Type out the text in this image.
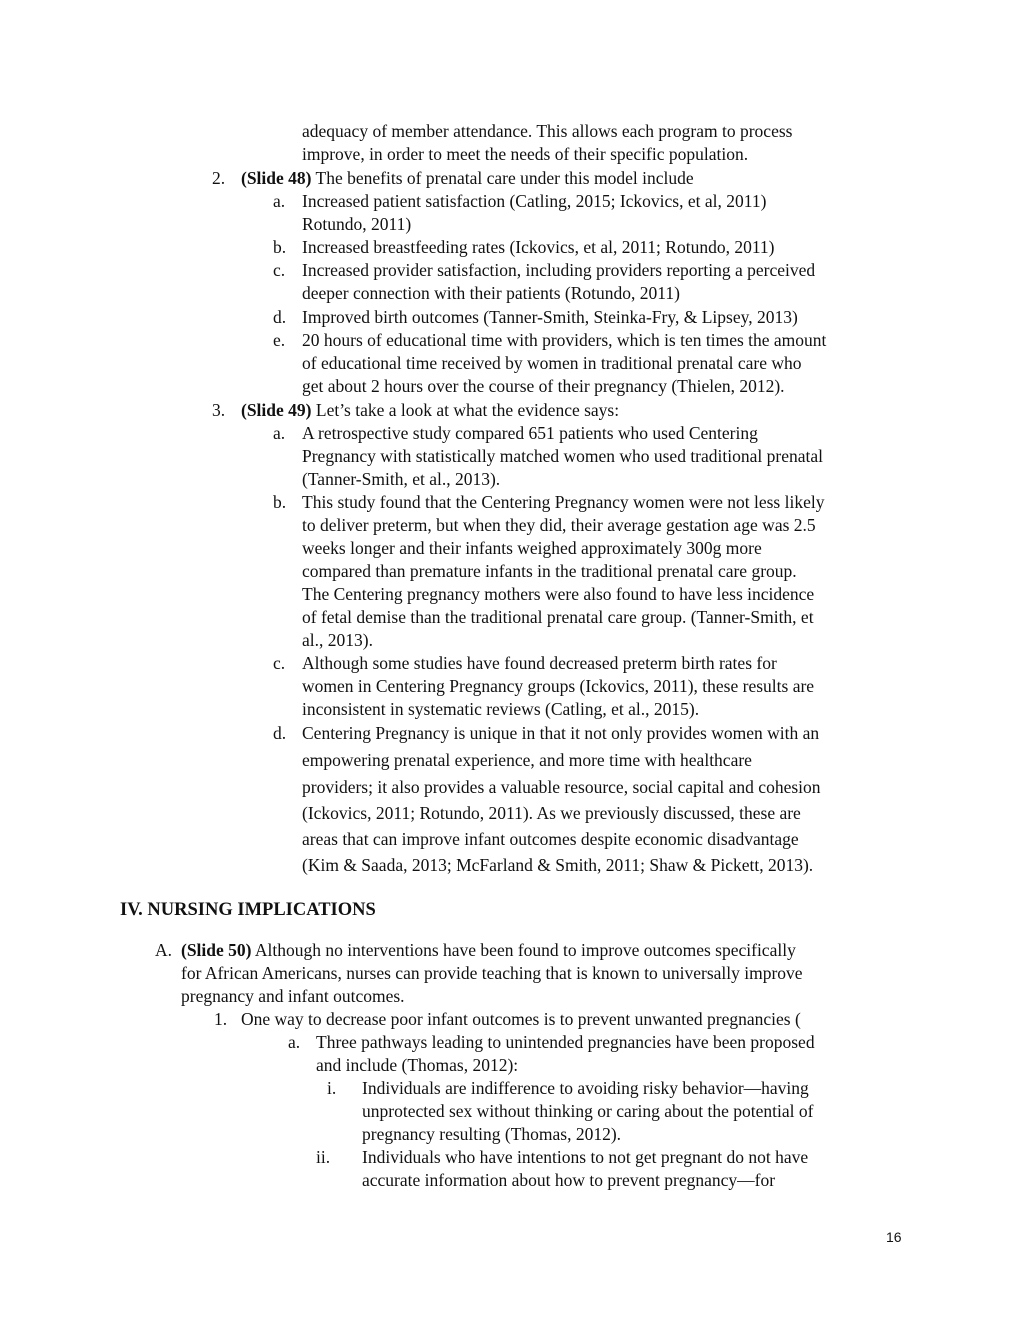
adequacy of member attendance. This allows each program to process
improve, in order to meet the needs of their specific population.
2. (Slide 48) The benefits of prenatal care under this model include
a. Increased patient satisfaction (Catling, 2015; Ickovics, et al, 2011)
Rotundo, 2011)
b. Increased breastfeeding rates (Ickovics, et al, 2011; Rotundo, 2011)
c. Increased provider satisfaction, including providers reporting a perceived
deeper connection with their patients (Rotundo, 2011)
d. Improved birth outcomes (Tanner-Smith, Steinka-Fry, & Lipsey, 2013)
e. 20 hours of educational time with providers, which is ten times the amount
of educational time received by women in traditional prenatal care who
get about 2 hours over the course of their pregnancy (Thielen, 2012).
3. (Slide 49) Let’s take a look at what the evidence says:
a. A retrospective study compared 651 patients who used Centering
Pregnancy with statistically matched women who used traditional prenatal
(Tanner-Smith, et al., 2013).
b. This study found that the Centering Pregnancy women were not less likely
to deliver preterm, but when they did, their average gestation age was 2.5
weeks longer and their infants weighed approximately 300g more
compared than premature infants in the traditional prenatal care group.
The Centering pregnancy mothers were also found to have less incidence
of fetal demise than the traditional prenatal care group. (Tanner-Smith, et
al., 2013).
c. Although some studies have found decreased preterm birth rates for
women in Centering Pregnancy groups (Ickovics, 2011), these results are
inconsistent in systematic reviews (Catling, et al., 2015).
d. Centering Pregnancy is unique in that it not only provides women with an
empowering prenatal experience, and more time with healthcare
providers; it also provides a valuable resource, social capital and cohesion
(Ickovics, 2011; Rotundo, 2011). As we previously discussed, these are
areas that can improve infant outcomes despite economic disadvantage
(Kim & Saada, 2013; McFarland & Smith, 2011; Shaw & Pickett, 2013).
IV. NURSING IMPLICATIONS
A. (Slide 50) Although no interventions have been found to improve outcomes specifically
for African Americans, nurses can provide teaching that is known to universally improve
pregnancy and infant outcomes.
1. One way to decrease poor infant outcomes is to prevent unwanted pregnancies (
a. Three pathways leading to unintended pregnancies have been proposed
and include (Thomas, 2012):
i. Individuals are indifference to avoiding risky behavior—having
unprotected sex without thinking or caring about the potential of
pregnancy resulting (Thomas, 2012).
ii. Individuals who have intentions to not get pregnant do not have
accurate information about how to prevent pregnancy—for
16
